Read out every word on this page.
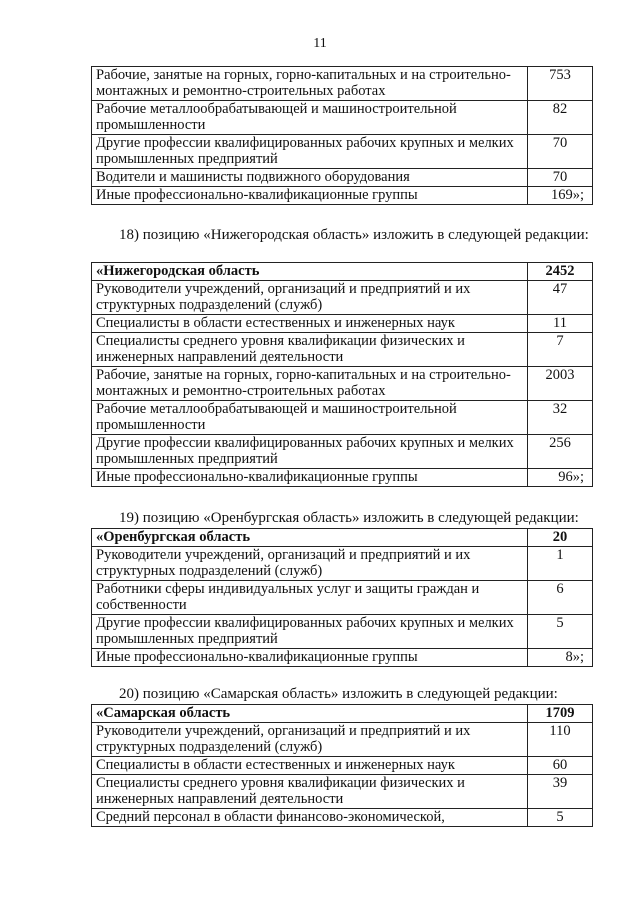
11
Рабочие, занятые на горных, горно-капитальных и на строительно-монтажных и ремонтно-строительных работах	753
Рабочие металлообрабатывающей и машиностроительной промышленности	82
Другие профессии квалифицированных рабочих крупных и мелких промышленных предприятий	70
Водители и машинисты подвижного оборудования	70
Иные профессионально-квалификационные группы	169»;
18) позицию «Нижегородская область» изложить в следующей редакции:
«Нижегородская область	2452
Руководители учреждений, организаций и предприятий и их структурных подразделений (служб)	47
Специалисты в области естественных и инженерных наук	11
Специалисты среднего уровня квалификации физических и инженерных направлений деятельности	7
Рабочие, занятые на горных, горно-капитальных и на строительно-монтажных и ремонтно-строительных работах	2003
Рабочие металлообрабатывающей и машиностроительной промышленности	32
Другие профессии квалифицированных рабочих крупных и мелких промышленных предприятий	256
Иные профессионально-квалификационные группы	96»;
19) позицию «Оренбургская область» изложить в следующей редакции:
«Оренбургская область	20
Руководители учреждений, организаций и предприятий и их структурных подразделений (служб)	1
Работники сферы индивидуальных услуг и защиты граждан и собственности	6
Другие профессии квалифицированных рабочих крупных и мелких промышленных предприятий	5
Иные профессионально-квалификационные группы	8»;
20) позицию «Самарская область» изложить в следующей редакции:
«Самарская область	1709
Руководители учреждений, организаций и предприятий и их структурных подразделений (служб)	110
Специалисты в области естественных и инженерных наук	60
Специалисты среднего уровня квалификации физических и инженерных направлений деятельности	39
Средний персонал в области финансово-экономической,	5
